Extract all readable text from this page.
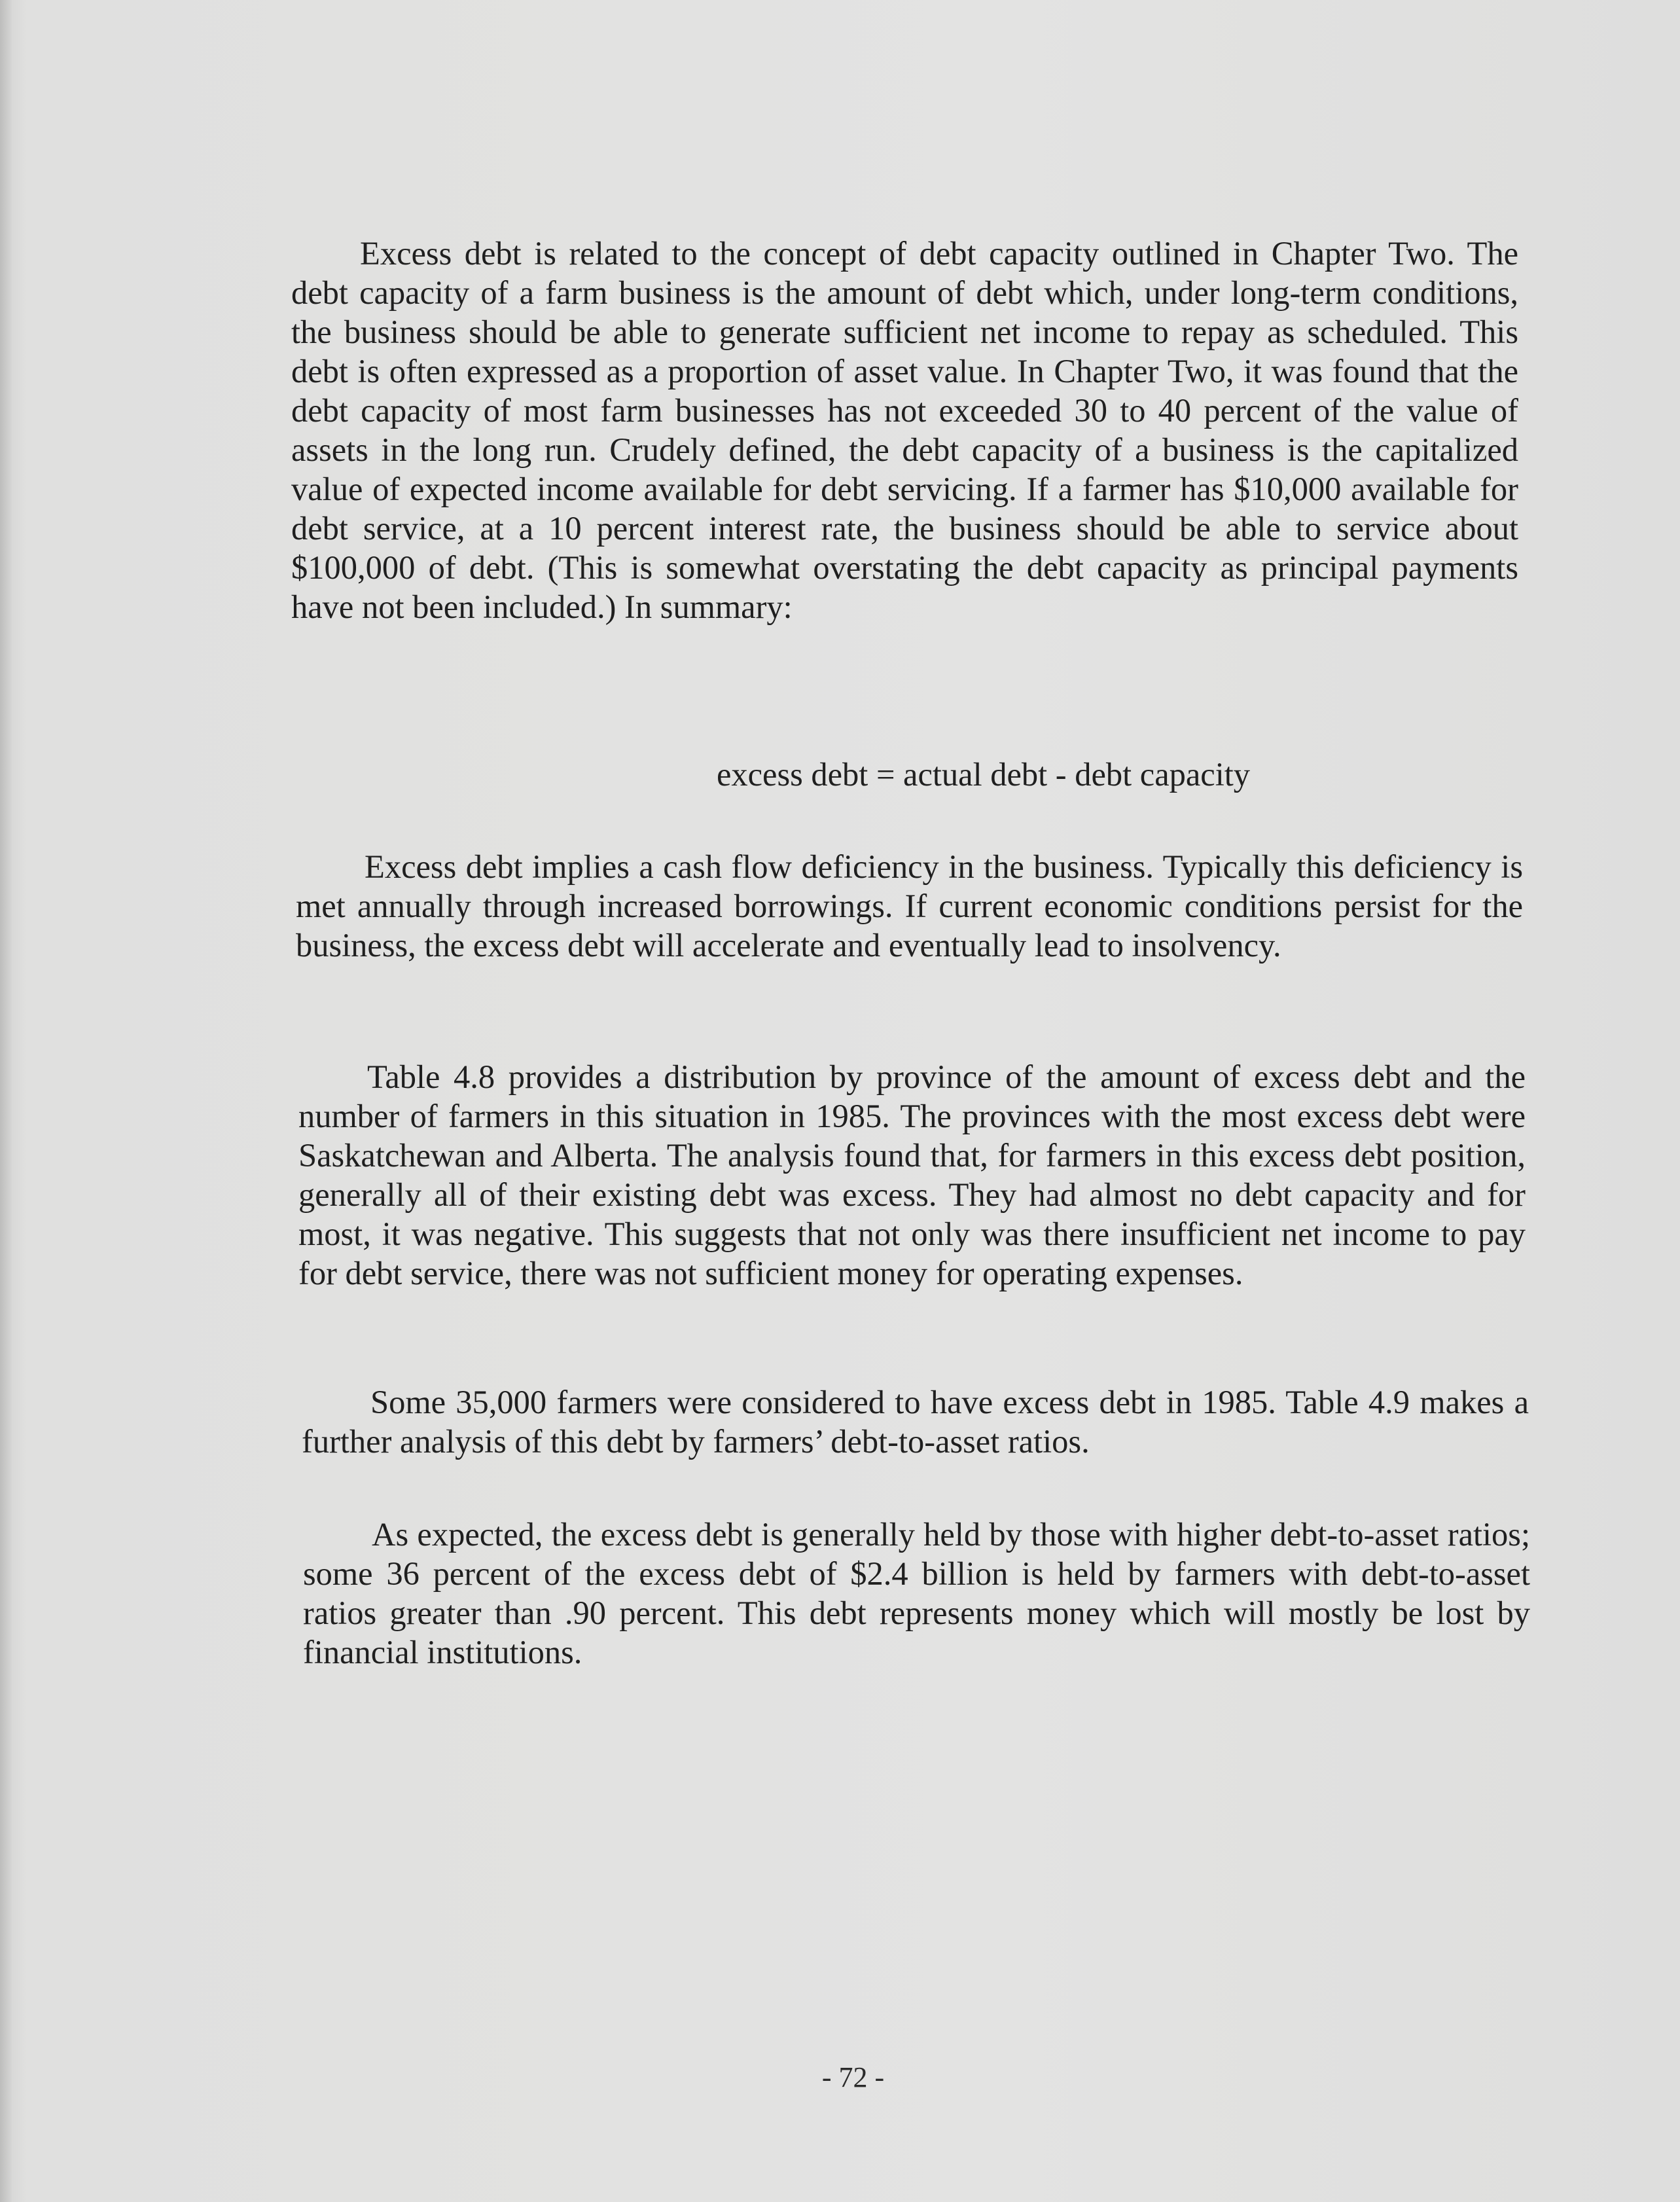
Excess debt is related to the concept of debt capacity outlined in Chapter Two. The debt capacity of a farm business is the amount of debt which, under long-term conditions, the business should be able to generate sufficient net income to repay as scheduled. This debt is often expressed as a proportion of asset value. In Chapter Two, it was found that the debt capacity of most farm businesses has not exceeded 30 to 40 percent of the value of assets in the long run. Crudely defined, the debt capacity of a business is the capitalized value of expected income available for debt servicing. If a farmer has $10,000 available for debt service, at a 10 percent interest rate, the business should be able to service about $100,000 of debt. (This is somewhat overstating the debt capacity as principal payments have not been included.) In summary:

excess debt = actual debt - debt capacity

Excess debt implies a cash flow deficiency in the business. Typically this deficiency is met annually through increased borrowings. If current economic conditions persist for the business, the excess debt will accelerate and eventually lead to insolvency.

Table 4.8 provides a distribution by province of the amount of excess debt and the number of farmers in this situation in 1985. The provinces with the most excess debt were Saskatchewan and Alberta. The analysis found that, for farmers in this excess debt position, generally all of their existing debt was excess. They had almost no debt capacity and for most, it was negative. This suggests that not only was there insufficient net income to pay for debt service, there was not sufficient money for operating expenses.

Some 35,000 farmers were considered to have excess debt in 1985. Table 4.9 makes a further analysis of this debt by farmers’ debt-to-asset ratios.

As expected, the excess debt is generally held by those with higher debt-to-asset ratios; some 36 percent of the excess debt of $2.4 billion is held by farmers with debt-to-asset ratios greater than .90 percent. This debt represents money which will mostly be lost by financial institutions.

- 72 -
